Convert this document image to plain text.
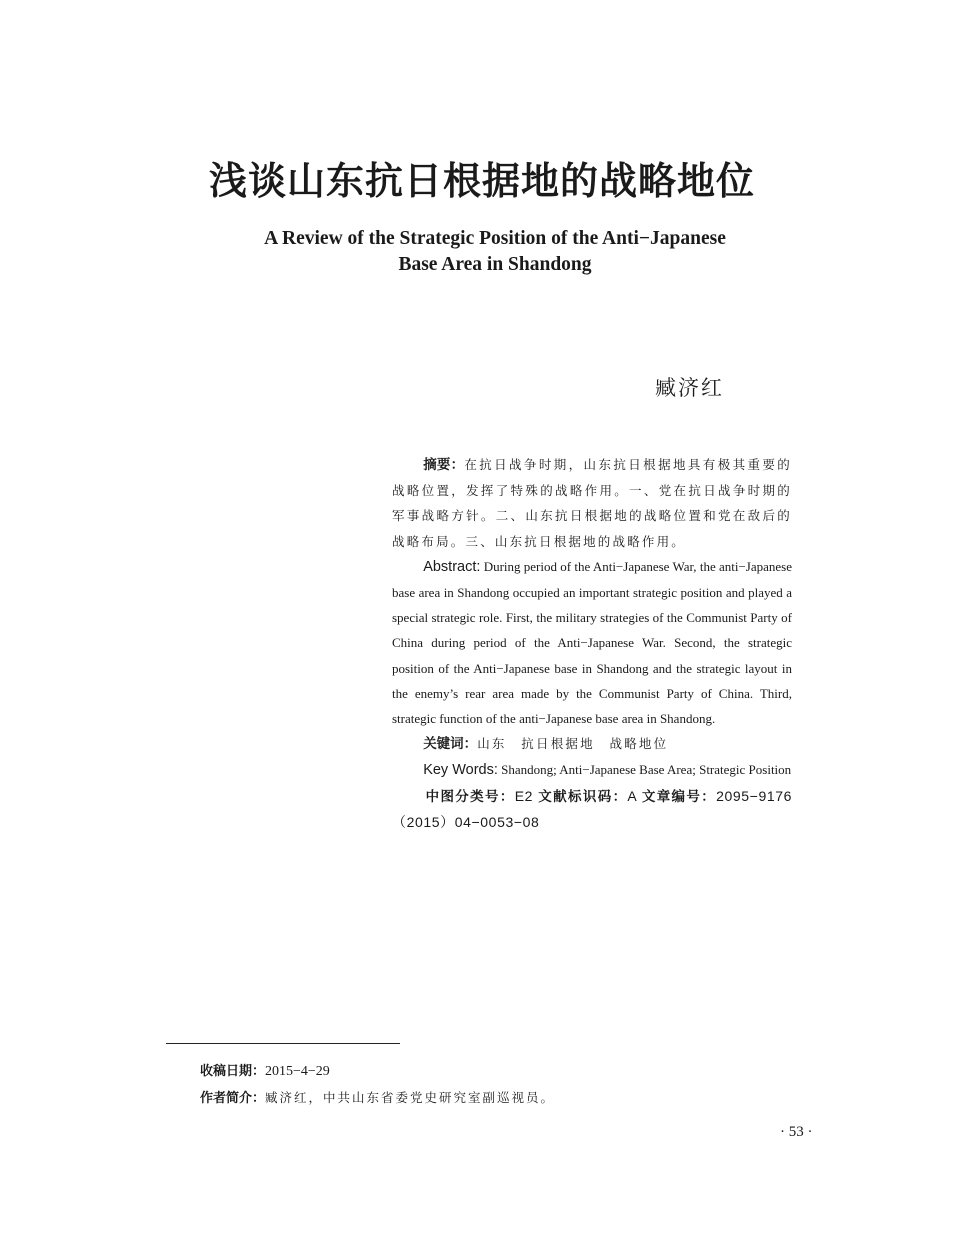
浅谈山东抗日根据地的战略地位
A Review of the Strategic Position of the Anti−Japanese
Base Area in Shandong
臧济红

摘要：在抗日战争时期，山东抗日根据地具有极其重要的战略位置，发挥了特殊的战略作用。一、党在抗日战争时期的军事战略方针。二、山东抗日根据地的战略位置和党在敌后的战略布局。三、山东抗日根据地的战略作用。

Abstract: During period of the Anti−Japanese War, the anti−Japanese base area in Shandong occupied an important strategic position and played a special strategic role. First, the military strategies of the Communist Party of China during period of the Anti−Japanese War. Second, the strategic position of the Anti−Japanese base in Shandong and the strategic layout in the enemy’s rear area made by the Communist Party of China. Third, strategic function of the anti−Japanese base area in Shandong.

关键词：山东　抗日根据地　战略地位

Key Words: Shandong; Anti−Japanese Base Area; Strategic Position

中图分类号：E2 文献标识码：A 文章编号：2095−9176（2015）04−0053−08

收稿日期：2015−4−29
作者简介：臧济红，中共山东省委党史研究室副巡视员。
· 53 ·
